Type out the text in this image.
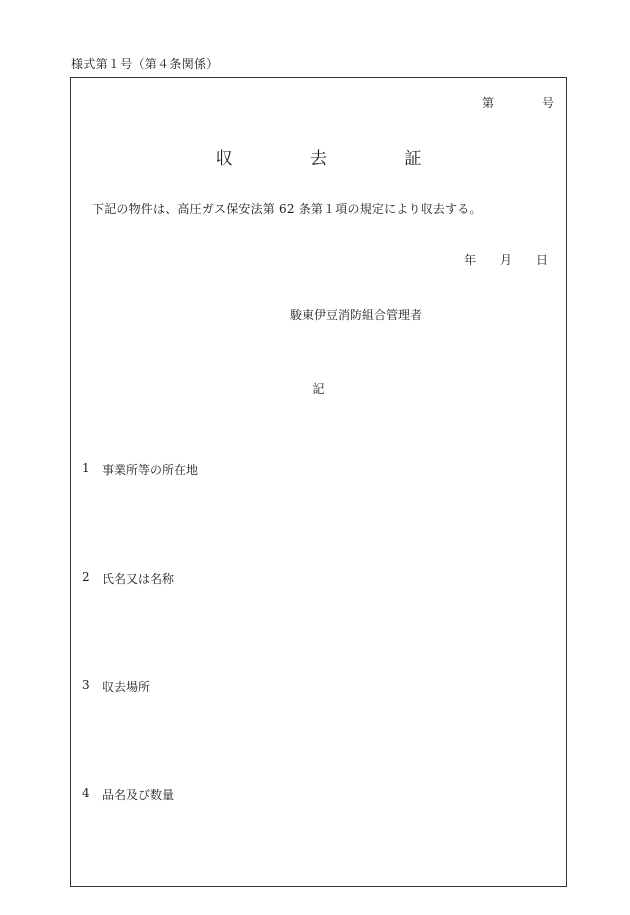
様式第１号（第４条関係）
第	号
収	去	証
下記の物件は、高圧ガス保安法第 62 条第１項の規定により収去する。
年 月 日
駿東伊豆消防組合管理者
記
1	事業所等の所在地
2	氏名又は名称
3	収去場所
4	品名及び数量
